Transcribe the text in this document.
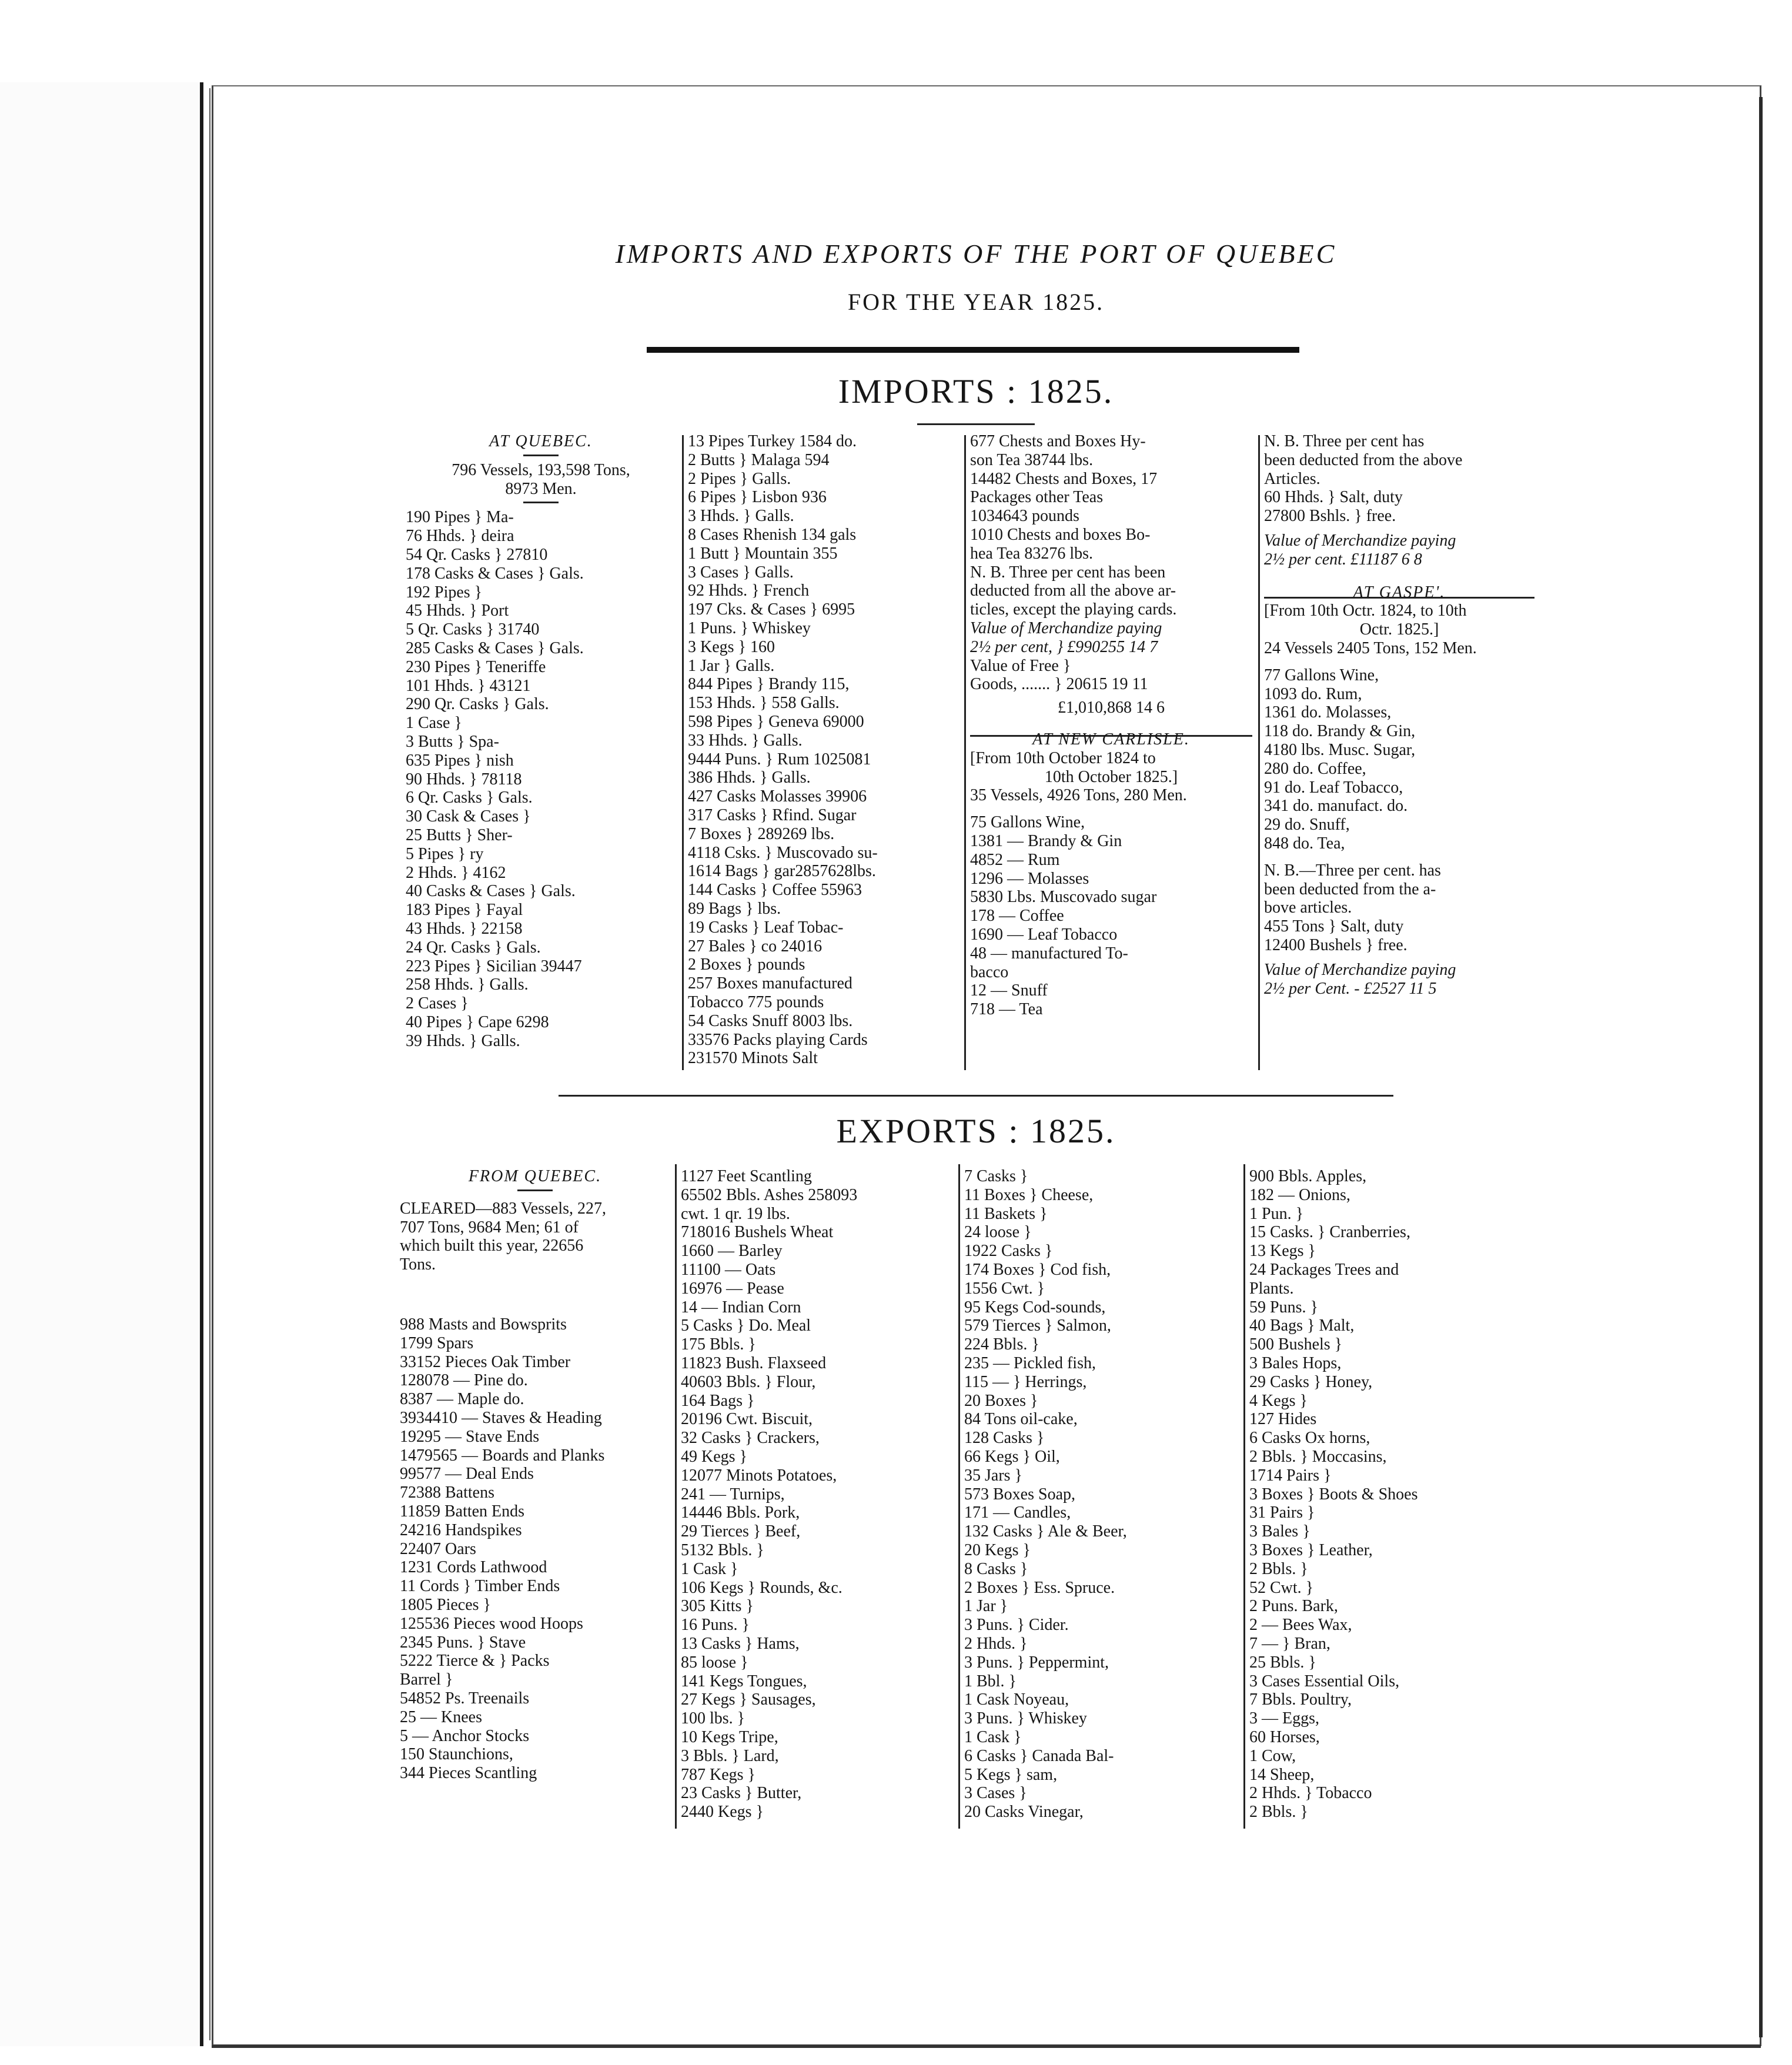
IMPORTS AND EXPORTS OF THE PORT OF QUEBEC
FOR THE YEAR 1825.
IMPORTS : 1825.
AT QUEBEC.
796 Vessels, 193,598 Tons,
8973 Men.
190 Pipes } Ma-
76 Hhds. } deira
54 Qr. Casks } 27810
178 Casks & Cases } Gals.
192 Pipes }
45 Hhds. } Port
5 Qr. Casks } 31740
285 Casks & Cases } Gals.
230 Pipes } Teneriffe
101 Hhds. } 43121
290 Qr. Casks } Gals.
1 Case }
3 Butts } Spa-
635 Pipes } nish
90 Hhds. } 78118
6 Qr. Casks } Gals.
30 Cask & Cases }
25 Butts } Sher-
5 Pipes } ry
2 Hhds. } 4162
40 Casks & Cases } Gals.
183 Pipes } Fayal
43 Hhds. } 22158
24 Qr. Casks } Gals.
223 Pipes } Sicilian 39447
258 Hhds. } Galls.
2 Cases }
40 Pipes } Cape 6298
39 Hhds. } Galls.
13 Pipes Turkey 1584 do.
2 Butts } Malaga 594
2 Pipes } Galls.
6 Pipes } Lisbon 936
3 Hhds. } Galls.
8 Cases Rhenish 134 gals
1 Butt } Mountain 355
3 Cases } Galls.
92 Hhds. } French
197 Cks. & Cases } 6995
1 Puns. } Whiskey
3 Kegs } 160
1 Jar } Galls.
844 Pipes } Brandy 115,
153 Hhds. } 558 Galls.
598 Pipes } Geneva 69000
33 Hhds. } Galls.
9444 Puns. } Rum 1025081
386 Hhds. } Galls.
427 Casks Molasses 39906
317 Casks } Rfind. Sugar
7 Boxes } 289269 lbs.
4118 Csks. } Muscovado su-
1614 Bags } gar2857628lbs.
144 Casks } Coffee 55963
89 Bags } lbs.
19 Casks } Leaf Tobac-
27 Bales } co 24016
2 Boxes } pounds
257 Boxes manufactured
Tobacco 775 pounds
54 Casks Snuff 8003 lbs.
33576 Packs playing Cards
231570 Minots Salt
677 Chests and Boxes Hy-
son Tea 38744 lbs.
14482 Chests and Boxes, 17
Packages other Teas
1034643 pounds
1010 Chests and boxes Bo-
hea Tea 83276 lbs.
N. B. Three per cent has been
deducted from all the above ar-
ticles, except the playing cards.
Value of Merchandize paying
2½ per cent, } £990255 14 7
Value of Free }
Goods, ....... } 20615 19 11
£1,010,868 14 6
AT NEW CARLISLE.
[From 10th October 1824 to
10th October 1825.]
35 Vessels, 4926 Tons, 280 Men.
75 Gallons Wine,
1381 — Brandy & Gin
4852 — Rum
1296 — Molasses
5830 Lbs. Muscovado sugar
178 — Coffee
1690 — Leaf Tobacco
48 — manufactured To-
bacco
12 — Snuff
718 — Tea
N. B. Three per cent has
been deducted from the above
Articles.
60 Hhds. } Salt, duty
27800 Bshls. } free.
Value of Merchandize paying
2½ per cent. £11187 6 8
AT GASPE'.
[From 10th Octr. 1824, to 10th
Octr. 1825.]
24 Vessels 2405 Tons, 152 Men.
77 Gallons Wine,
1093 do. Rum,
1361 do. Molasses,
118 do. Brandy & Gin,
4180 lbs. Musc. Sugar,
280 do. Coffee,
91 do. Leaf Tobacco,
341 do. manufact. do.
29 do. Snuff,
848 do. Tea,
N. B.—Three per cent. has
been deducted from the a-
bove articles.
455 Tons } Salt, duty
12400 Bushels } free.
Value of Merchandize paying
2½ per Cent. - £2527 11 5
EXPORTS : 1825.
FROM QUEBEC.
CLEARED—883 Vessels, 227,
707 Tons, 9684 Men; 61 of
which built this year, 22656
Tons.
988 Masts and Bowsprits
1799 Spars
33152 Pieces Oak Timber
128078 — Pine do.
8387 — Maple do.
3934410 — Staves & Heading
19295 — Stave Ends
1479565 — Boards and Planks
99577 — Deal Ends
72388 Battens
11859 Batten Ends
24216 Handspikes
22407 Oars
1231 Cords Lathwood
11 Cords } Timber Ends
1805 Pieces }
125536 Pieces wood Hoops
2345 Puns. } Stave
5222 Tierce & } Packs
Barrel }
54852 Ps. Treenails
25 — Knees
5 — Anchor Stocks
150 Staunchions,
344 Pieces Scantling
1127 Feet Scantling
65502 Bbls. Ashes 258093
cwt. 1 qr. 19 lbs.
718016 Bushels Wheat
1660 — Barley
11100 — Oats
16976 — Pease
14 — Indian Corn
5 Casks } Do. Meal
175 Bbls. }
11823 Bush. Flaxseed
40603 Bbls. } Flour,
164 Bags }
20196 Cwt. Biscuit,
32 Casks } Crackers,
49 Kegs }
12077 Minots Potatoes,
241 — Turnips,
14446 Bbls. Pork,
29 Tierces } Beef,
5132 Bbls. }
1 Cask }
106 Kegs } Rounds, &c.
305 Kitts }
16 Puns. }
13 Casks } Hams,
85 loose }
141 Kegs Tongues,
27 Kegs } Sausages,
100 lbs. }
10 Kegs Tripe,
3 Bbls. } Lard,
787 Kegs }
23 Casks } Butter,
2440 Kegs }
7 Casks }
11 Boxes } Cheese,
11 Baskets }
24 loose }
1922 Casks }
174 Boxes } Cod fish,
1556 Cwt. }
95 Kegs Cod-sounds,
579 Tierces } Salmon,
224 Bbls. }
235 — Pickled fish,
115 — } Herrings,
20 Boxes }
84 Tons oil-cake,
128 Casks }
66 Kegs } Oil,
35 Jars }
573 Boxes Soap,
171 — Candles,
132 Casks } Ale & Beer,
20 Kegs }
8 Casks }
2 Boxes } Ess. Spruce.
1 Jar }
3 Puns. } Cider.
2 Hhds. }
3 Puns. } Peppermint,
1 Bbl. }
1 Cask Noyeau,
3 Puns. } Whiskey
1 Cask }
6 Casks } Canada Bal-
5 Kegs } sam,
3 Cases }
20 Casks Vinegar,
900 Bbls. Apples,
182 — Onions,
1 Pun. }
15 Casks. } Cranberries,
13 Kegs }
24 Packages Trees and
Plants.
59 Puns. }
40 Bags } Malt,
500 Bushels }
3 Bales Hops,
29 Casks } Honey,
4 Kegs }
127 Hides
6 Casks Ox horns,
2 Bbls. } Moccasins,
1714 Pairs }
3 Boxes } Boots & Shoes
31 Pairs }
3 Bales }
3 Boxes } Leather,
2 Bbls. }
52 Cwt. }
2 Puns. Bark,
2 — Bees Wax,
7 — } Bran,
25 Bbls. }
3 Cases Essential Oils,
7 Bbls. Poultry,
3 — Eggs,
60 Horses,
1 Cow,
14 Sheep,
2 Hhds. } Tobacco
2 Bbls. }
